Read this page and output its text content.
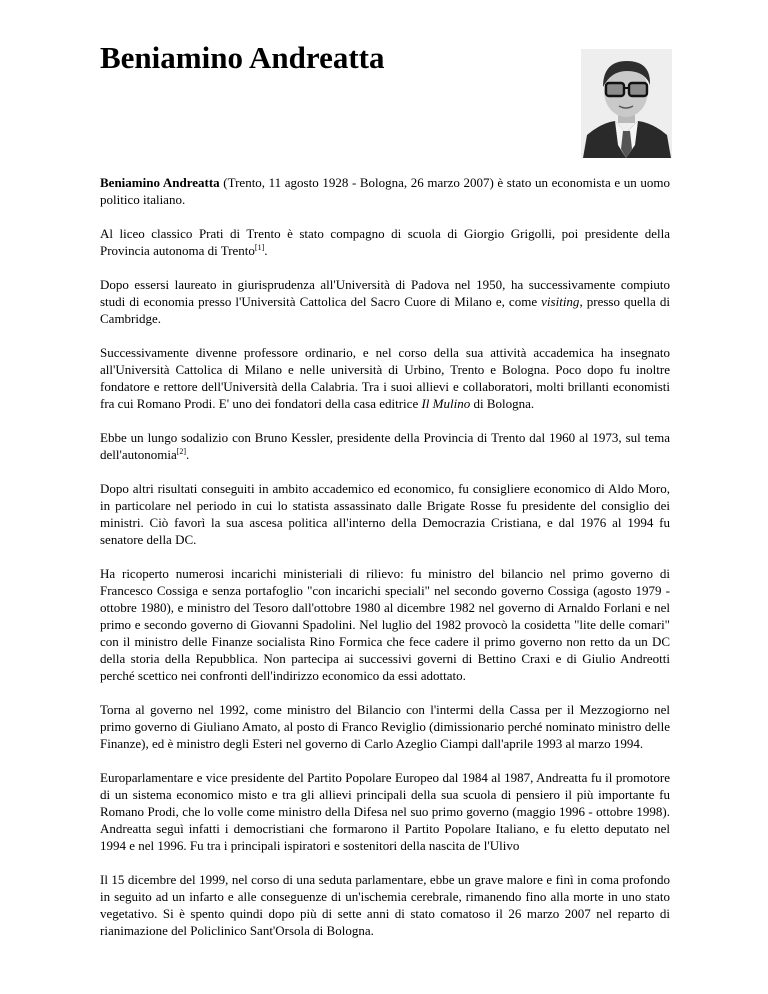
Beniamino Andreatta

Beniamino Andreatta (Trento, 11 agosto 1928 - Bologna, 26 marzo 2007) è stato un economista e un uomo politico italiano.

Al liceo classico Prati di Trento è stato compagno di scuola di Giorgio Grigolli, poi presidente della Provincia autonoma di Trento[1].

Dopo essersi laureato in giurisprudenza all'Università di Padova nel 1950, ha successivamente compiuto studi di economia presso l'Università Cattolica del Sacro Cuore di Milano e, come visiting, presso quella di Cambridge.

Successivamente divenne professore ordinario, e nel corso della sua attività accademica ha insegnato all'Università Cattolica di Milano e nelle università di Urbino, Trento e Bologna. Poco dopo fu inoltre fondatore e rettore dell'Università della Calabria. Tra i suoi allievi e collaboratori, molti brillanti economisti fra cui Romano Prodi. E' uno dei fondatori della casa editrice Il Mulino di Bologna.

Ebbe un lungo sodalizio con Bruno Kessler, presidente della Provincia di Trento dal 1960 al 1973, sul tema dell'autonomia[2].

Dopo altri risultati conseguiti in ambito accademico ed economico, fu consigliere economico di Aldo Moro, in particolare nel periodo in cui lo statista assassinato dalle Brigate Rosse fu presidente del consiglio dei ministri. Ciò favorì la sua ascesa politica all'interno della Democrazia Cristiana, e dal 1976 al 1994 fu senatore della DC.

Ha ricoperto numerosi incarichi ministeriali di rilievo: fu ministro del bilancio nel primo governo di Francesco Cossiga e senza portafoglio "con incarichi speciali" nel secondo governo Cossiga (agosto 1979 - ottobre 1980), e ministro del Tesoro dall'ottobre 1980 al dicembre 1982 nel governo di Arnaldo Forlani e nel primo e secondo governo di Giovanni Spadolini. Nel luglio del 1982 provocò la cosidetta "lite delle comari" con il ministro delle Finanze socialista Rino Formica che fece cadere il primo governo non retto da un DC della storia della Repubblica. Non partecipa ai successivi governi di Bettino Craxi e di Giulio Andreotti perché scettico nei confronti dell'indirizzo economico da essi adottato.

Torna al governo nel 1992, come ministro del Bilancio con l'intermi della Cassa per il Mezzogiorno nel primo governo di Giuliano Amato, al posto di Franco Reviglio (dimissionario perché nominato ministro delle Finanze), ed è ministro degli Esteri nel governo di Carlo Azeglio Ciampi dall'aprile 1993 al marzo 1994.

Europarlamentare e vice presidente del Partito Popolare Europeo dal 1984 al 1987, Andreatta fu il promotore di un sistema economico misto e tra gli allievi principali della sua scuola di pensiero il più importante fu Romano Prodi, che lo volle come ministro della Difesa nel suo primo governo (maggio 1996 - ottobre 1998). Andreatta seguì infatti i democristiani che formarono il Partito Popolare Italiano, e fu eletto deputato nel 1994 e nel 1996. Fu tra i principali ispiratori e sostenitori della nascita de l'Ulivo

Il 15 dicembre del 1999, nel corso di una seduta parlamentare, ebbe un grave malore e finì in coma profondo in seguito ad un infarto e alle conseguenze di un'ischemia cerebrale, rimanendo fino alla morte in uno stato vegetativo. Si è spento quindi dopo più di sette anni di stato comatoso il 26 marzo 2007 nel reparto di rianimazione del Policlinico Sant'Orsola di Bologna.
